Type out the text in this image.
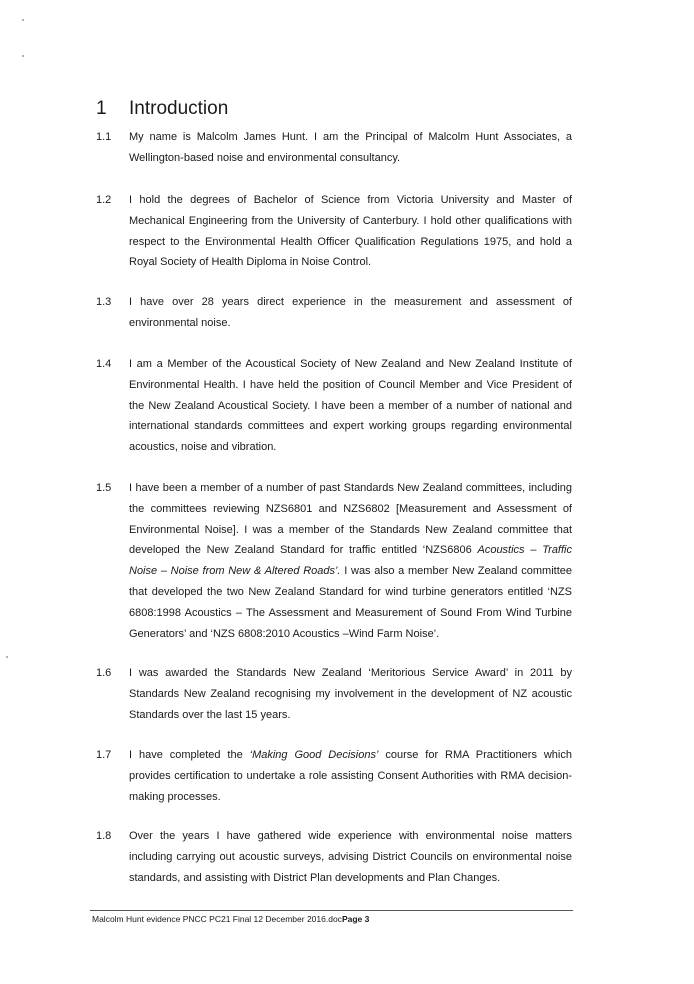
1 Introduction
1.1	My name is Malcolm James Hunt. I am the Principal of Malcolm Hunt Associates, a Wellington-based noise and environmental consultancy.
1.2	I hold the degrees of Bachelor of Science from Victoria University and Master of Mechanical Engineering from the University of Canterbury. I hold other qualifications with respect to the Environmental Health Officer Qualification Regulations 1975, and hold a Royal Society of Health Diploma in Noise Control.
1.3	I have over 28 years direct experience in the measurement and assessment of environmental noise.
1.4	I am a Member of the Acoustical Society of New Zealand and New Zealand Institute of Environmental Health. I have held the position of Council Member and Vice President of the New Zealand Acoustical Society. I have been a member of a number of national and international standards committees and expert working groups regarding environmental acoustics, noise and vibration.
1.5	I have been a member of a number of past Standards New Zealand committees, including the committees reviewing NZS6801 and NZS6802 [Measurement and Assessment of Environmental Noise]. I was a member of the Standards New Zealand committee that developed the New Zealand Standard for traffic entitled ‘NZS6806 Acoustics – Traffic Noise – Noise from New & Altered Roads’. I was also a member New Zealand committee that developed the two New Zealand Standard for wind turbine generators entitled ‘NZS 6808:1998 Acoustics – The Assessment and Measurement of Sound From Wind Turbine Generators’ and ‘NZS 6808:2010 Acoustics –Wind Farm Noise’.
1.6	I was awarded the Standards New Zealand ‘Meritorious Service Award’ in 2011 by Standards New Zealand recognising my involvement in the development of NZ acoustic Standards over the last 15 years.
1.7	I have completed the ‘Making Good Decisions’ course for RMA Practitioners which provides certification to undertake a role assisting Consent Authorities with RMA decision-making processes.
1.8	Over the years I have gathered wide experience with environmental noise matters including carrying out acoustic surveys, advising District Councils on environmental noise standards, and assisting with District Plan developments and Plan Changes.
Malcolm Hunt evidence PNCC PC21 Final 12 December 2016.docPage 3
